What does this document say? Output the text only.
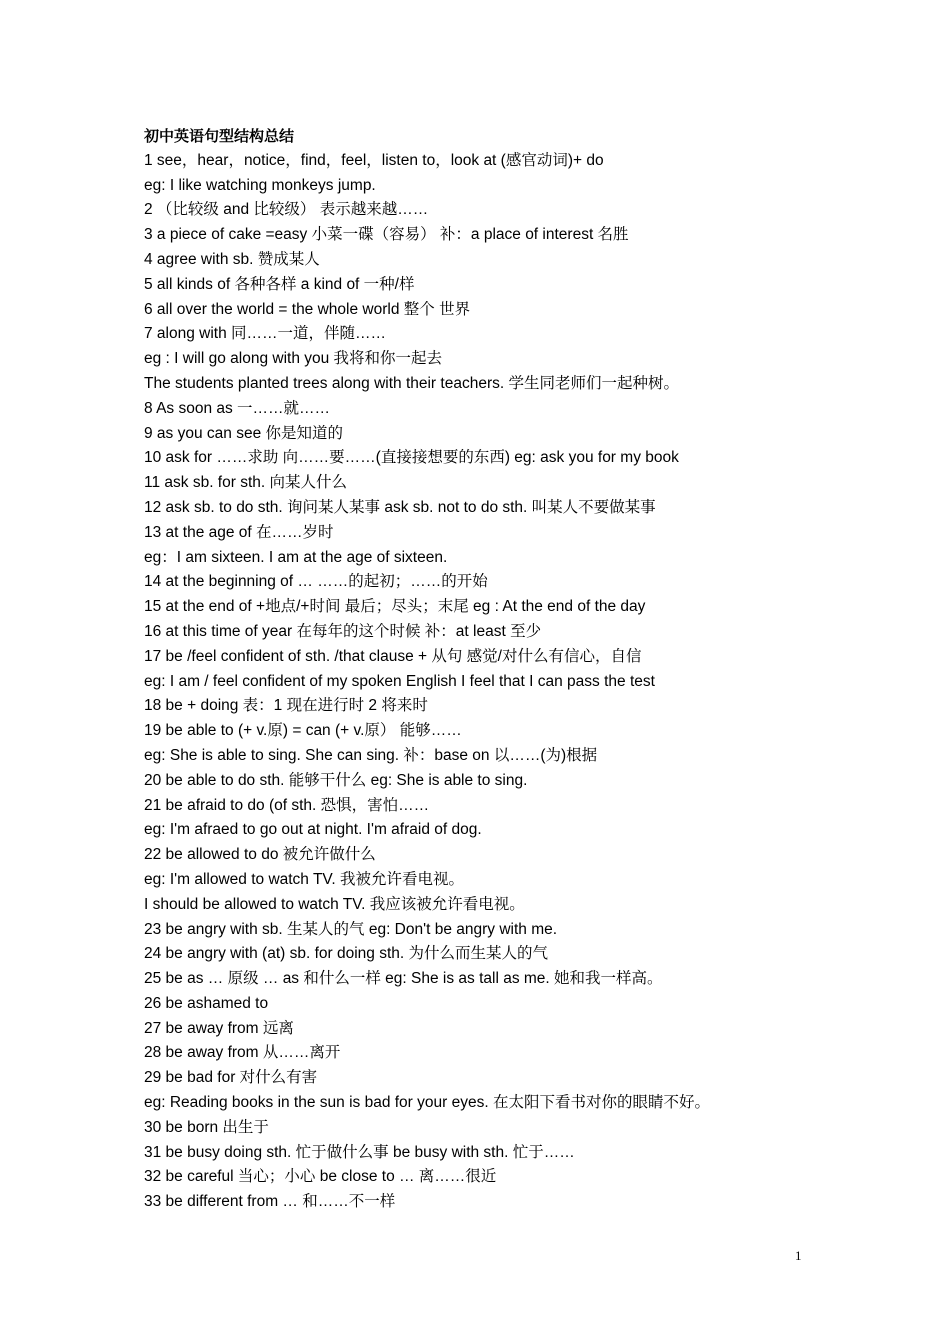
初中英语句型结构总结
1 see，hear，notice，find，feel，listen to，look at (感官动词)+ do
eg: I like watching monkeys jump.
2 （比较级 and 比较级） 表示越来越……
3 a piece of cake =easy 小菜一碟（容易） 补：a place of interest 名胜
4 agree with sb. 赞成某人
5 all kinds of 各种各样 a kind of 一种/样
6 all over the world = the whole world 整个 世界
7 along with 同……一道，伴随……
eg : I will go along with you 我将和你一起去
The students planted trees along with their teachers. 学生同老师们一起种树。
8 As soon as 一……就……
9 as you can see 你是知道的
10 ask for ……求助 向……要……(直接接想要的东西) eg: ask you for my book
11 ask sb. for sth. 向某人什么
12 ask sb. to do sth. 询问某人某事 ask sb. not to do sth. 叫某人不要做某事
13 at the age of 在……岁时
eg：I am sixteen. I am at the age of sixteen.
14 at the beginning of … ……的起初；……的开始
15 at the end of +地点/+时间 最后；尽头；末尾 eg : At the end of the day
16 at this time of year 在每年的这个时候 补：at least 至少
17 be /feel confident of sth. /that clause + 从句 感觉/对什么有信心，自信
eg: I am / feel confident of my spoken English I feel that I can pass the test
18 be + doing 表：1 现在进行时 2 将来时
19 be able to (+ v.原) = can (+ v.原） 能够……
eg: She is able to sing. She can sing. 补：base on 以……(为)根据
20 be able to do sth. 能够干什么 eg: She is able to sing.
21 be afraid to do (of sth. 恐惧，害怕……
eg: I'm afraed to go out at night. I'm afraid of dog.
22 be allowed to do 被允许做什么
eg: I'm allowed to watch TV. 我被允许看电视。
I should be allowed to watch TV. 我应该被允许看电视。
23 be angry with sb. 生某人的气 eg: Don't be angry with me.
24 be angry with (at) sb. for doing sth. 为什么而生某人的气
25 be as … 原级 … as 和什么一样 eg: She is as tall as me. 她和我一样高。
26 be ashamed to
27 be away from 远离
28 be away from 从……离开
29 be bad for 对什么有害
eg: Reading books in the sun is bad for your eyes. 在太阳下看书对你的眼睛不好。
30 be born 出生于
31 be busy doing sth. 忙于做什么事 be busy with sth. 忙于……
32 be careful 当心；小心 be close to … 离……很近
33 be different from … 和……不一样
1
